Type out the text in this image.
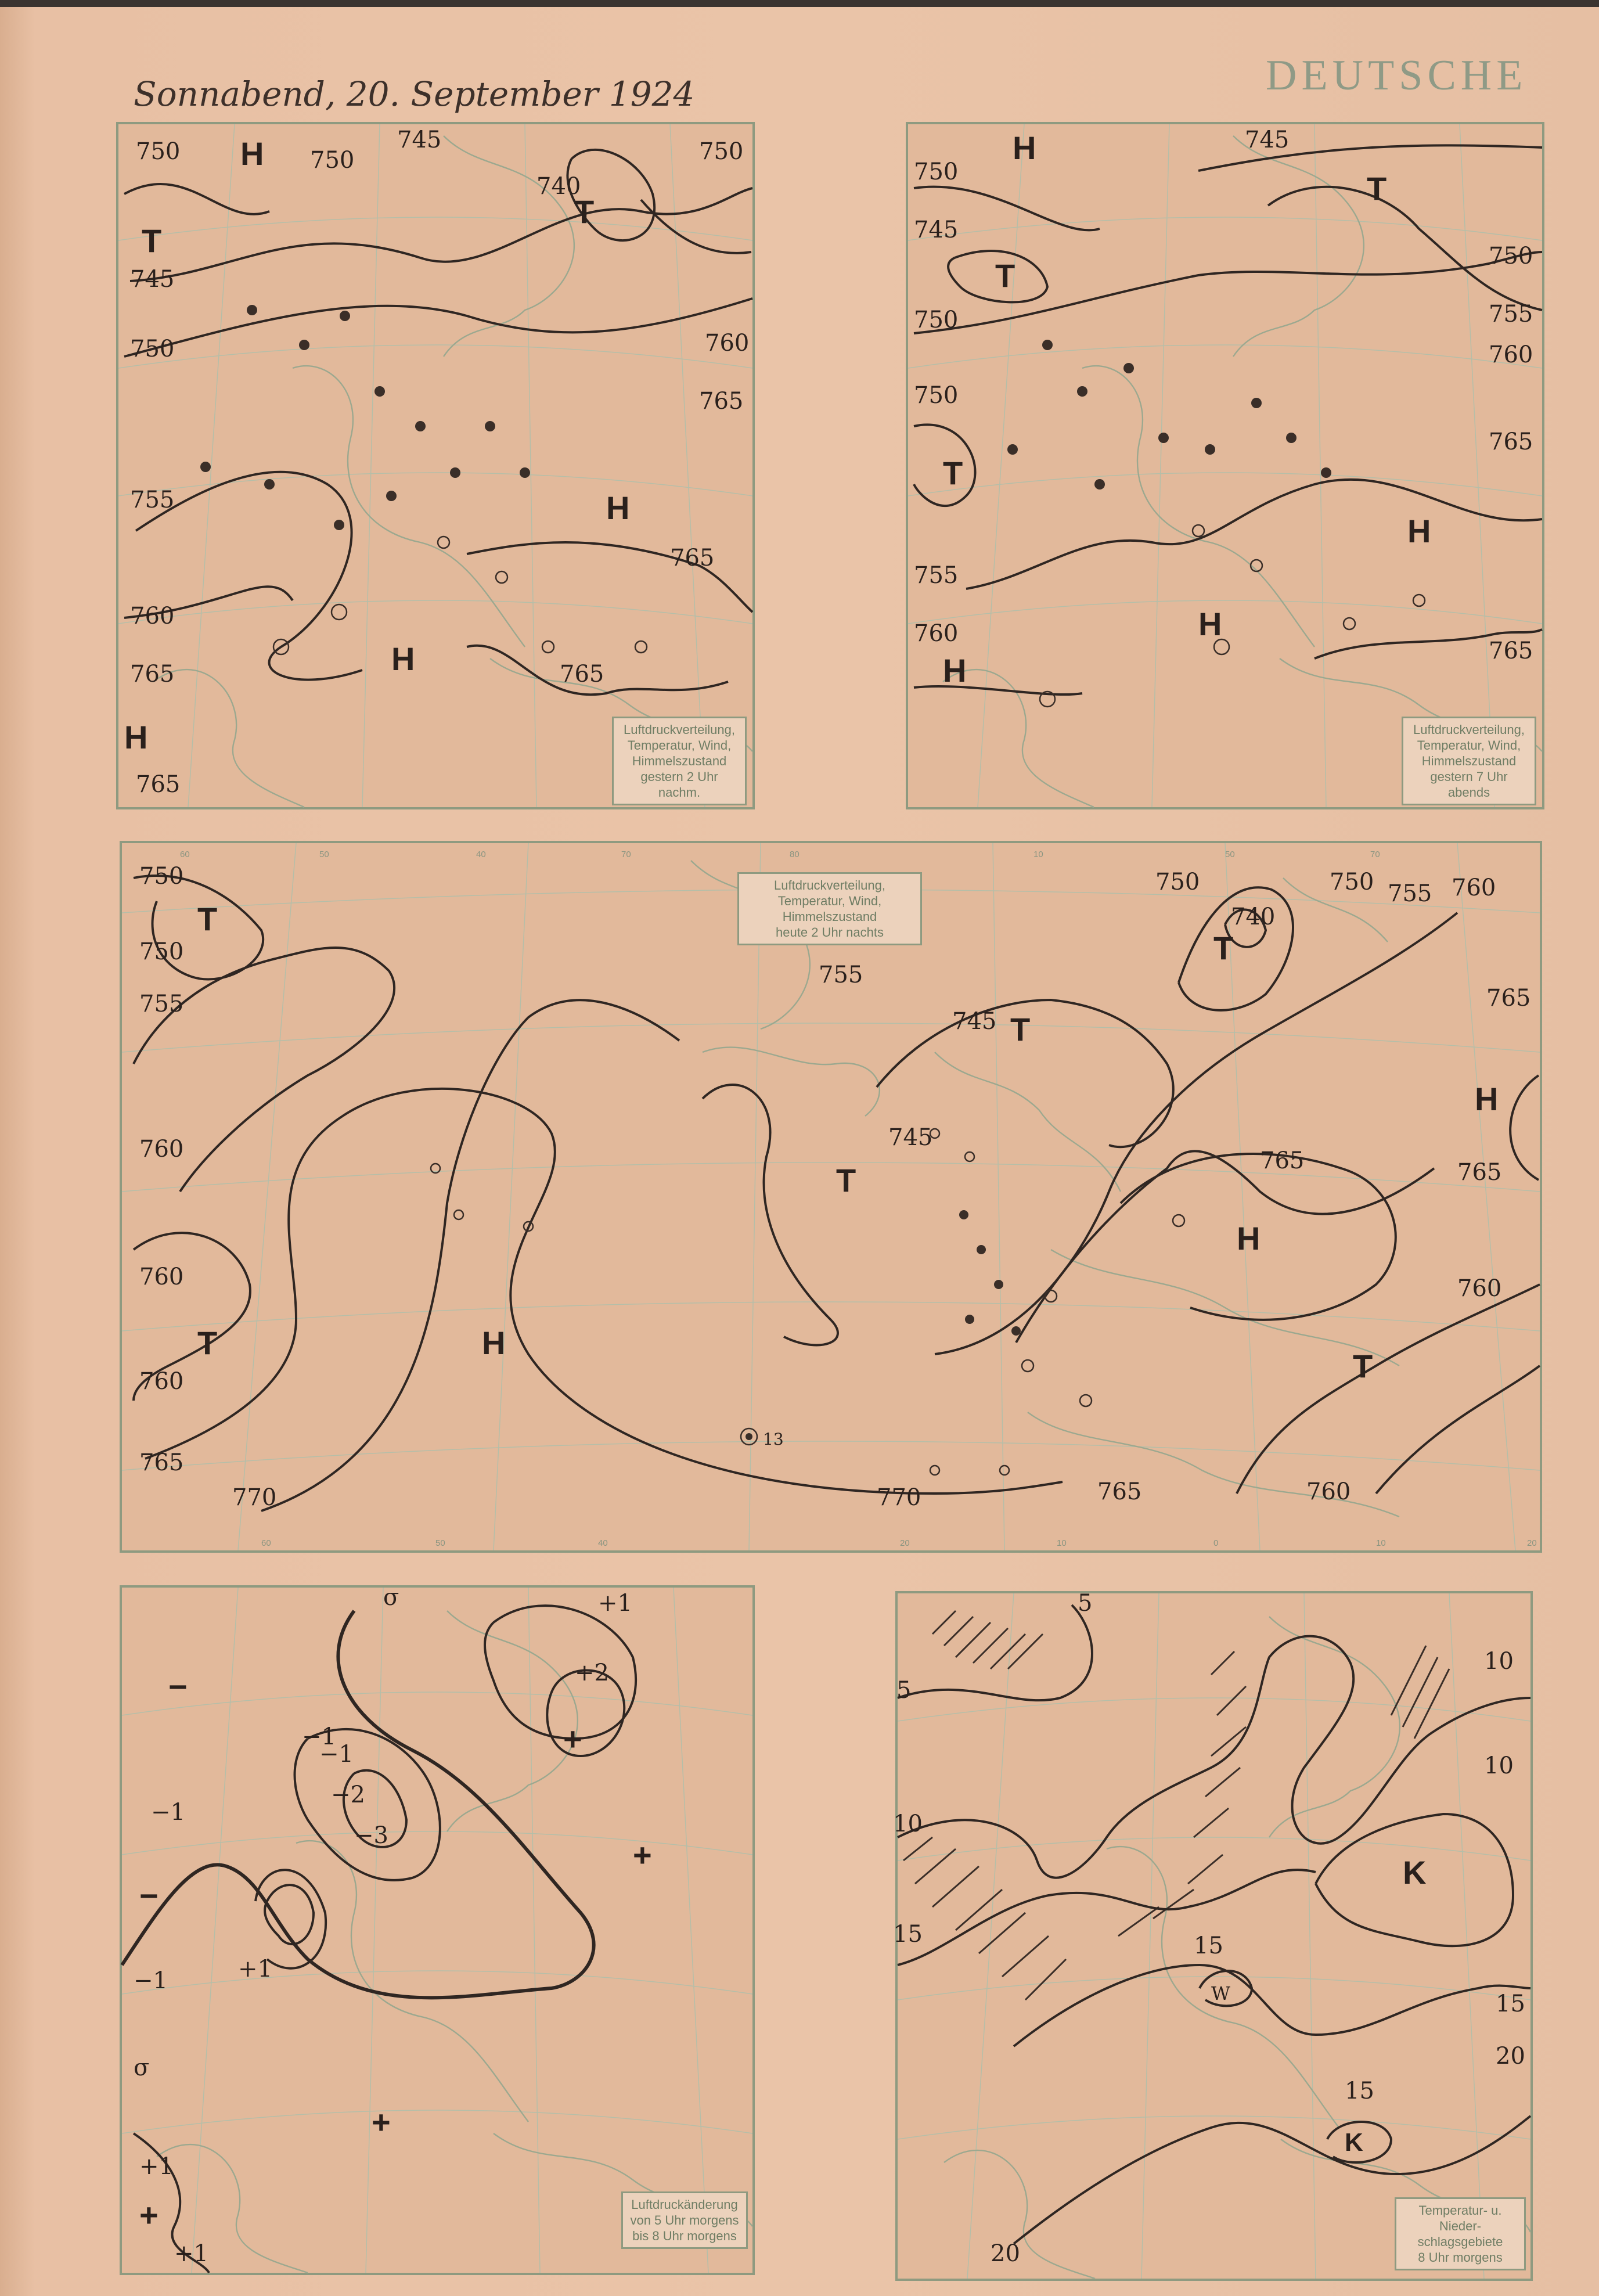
Sonnabend, 20. September 1924	DEUTSCHE
750	750	750
745
750
755
760
765
760
765
765
765
745
740
765
H
T
T
H
H
H	Luftdruckverteilung,
Temperatur, Wind,
Himmelszustand
gestern 2 Uhr nachm.
750
745
750
750
755
760
750
755
760
765
765
745
H
T
T
T
H
H
H
Luftdruckverteilung,
Temperatur, Wind,
Himmelszustand
gestern 7 Uhr abends
60	50	40	70	80	10	50	70
60	50	40	20	10	0	10	20
750
750
755
760
760
760
765
770	770	765	760
750
740
745
745
755
750 755 760
765
765
760
765
T
T
T
T
T
T
H
H
H
13
Luftdruckverteilung,
Temperatur, Wind,
Himmelszustand
heute 2 Uhr nachts
σ	+1
+2
−1
−2
−3
−
+
+1
+1
−1
−
−1
σ
+1
−1
+
+
+
Luftdruckänderung
von 5 Uhr morgens
bis 8 Uhr morgens
5
5
10
10
10
15	15
15
15
20
20
K
K
W
Temperatur- u. Nieder-
schlagsgebiete
8 Uhr morgens
